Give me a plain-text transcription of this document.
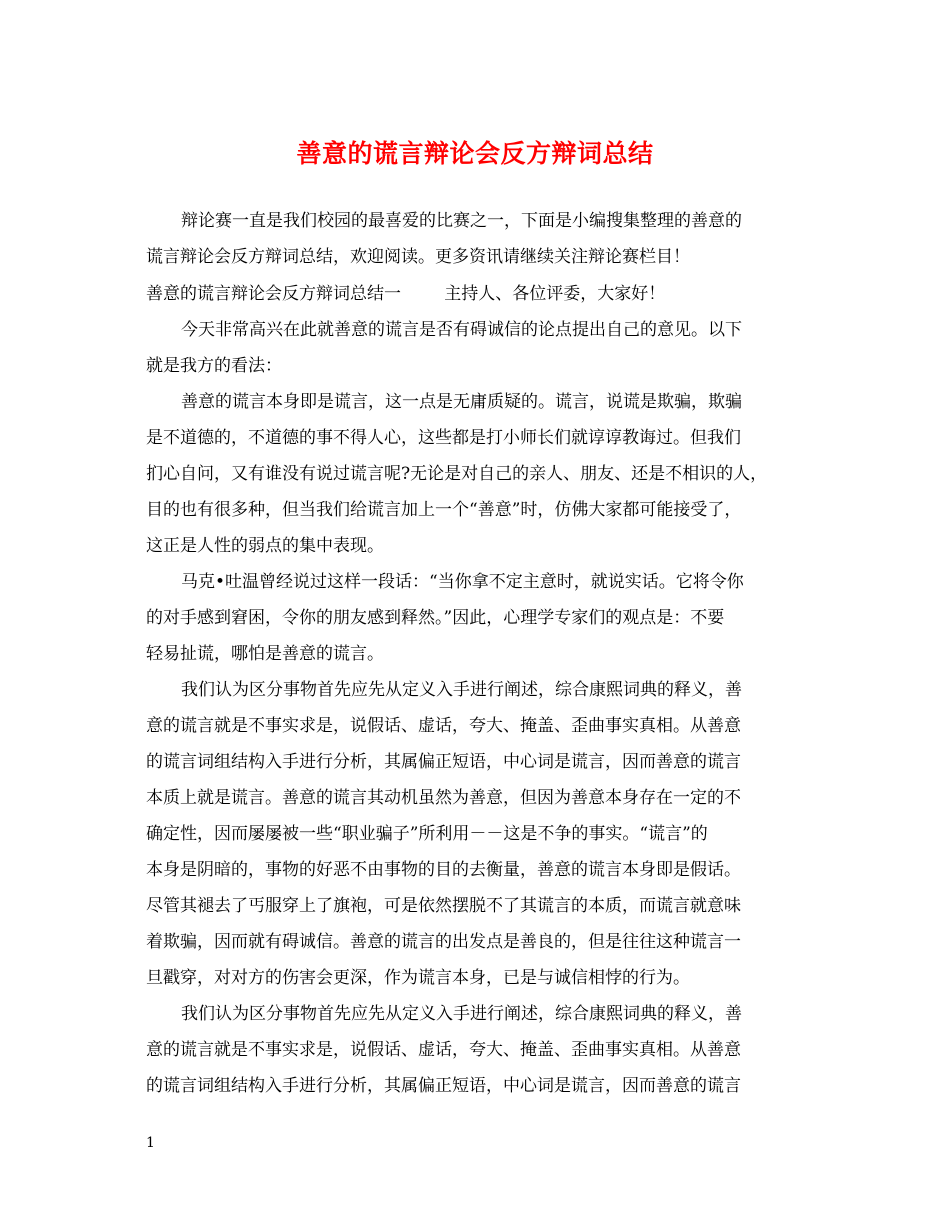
善意的谎言辩论会反方辩词总结
辩论赛一直是我们校园的最喜爱的比赛之一，下面是小编搜集整理的善意的
谎言辩论会反方辩词总结，欢迎阅读。更多资讯请继续关注辩论赛栏目！
善意的谎言辩论会反方辩词总结一        主持人、各位评委，大家好！
今天非常高兴在此就善意的谎言是否有碍诚信的论点提出自己的意见。以下
就是我方的看法：
善意的谎言本身即是谎言，这一点是无庸质疑的。谎言，说谎是欺骗，欺骗
是不道德的，不道德的事不得人心，这些都是打小师长们就谆谆教诲过。但我们
扪心自问，又有谁没有说过谎言呢?无论是对自己的亲人、朋友、还是不相识的人，
目的也有很多种，但当我们给谎言加上一个“善意”时，仿佛大家都可能接受了，
这正是人性的弱点的集中表现。
马克•吐温曾经说过这样一段话：“当你拿不定主意时，就说实话。它将令你
的对手感到窘困，令你的朋友感到释然。”因此，心理学专家们的观点是：不要
轻易扯谎，哪怕是善意的谎言。
我们认为区分事物首先应先从定义入手进行阐述，综合康熙词典的释义，善
意的谎言就是不事实求是，说假话、虚话，夸大、掩盖、歪曲事实真相。从善意
的谎言词组结构入手进行分析，其属偏正短语，中心词是谎言，因而善意的谎言
本质上就是谎言。善意的谎言其动机虽然为善意，但因为善意本身存在一定的不
确定性，因而屡屡被一些“职业骗子”所利用－－这是不争的事实。“谎言”的
本身是阴暗的，事物的好恶不由事物的目的去衡量，善意的谎言本身即是假话。
尽管其褪去了丐服穿上了旗袍，可是依然摆脱不了其谎言的本质，而谎言就意味
着欺骗，因而就有碍诚信。善意的谎言的出发点是善良的，但是往往这种谎言一
旦戳穿，对对方的伤害会更深，作为谎言本身，已是与诚信相悖的行为。
我们认为区分事物首先应先从定义入手进行阐述，综合康熙词典的释义，善
意的谎言就是不事实求是，说假话、虚话，夸大、掩盖、歪曲事实真相。从善意
的谎言词组结构入手进行分析，其属偏正短语，中心词是谎言，因而善意的谎言
1
